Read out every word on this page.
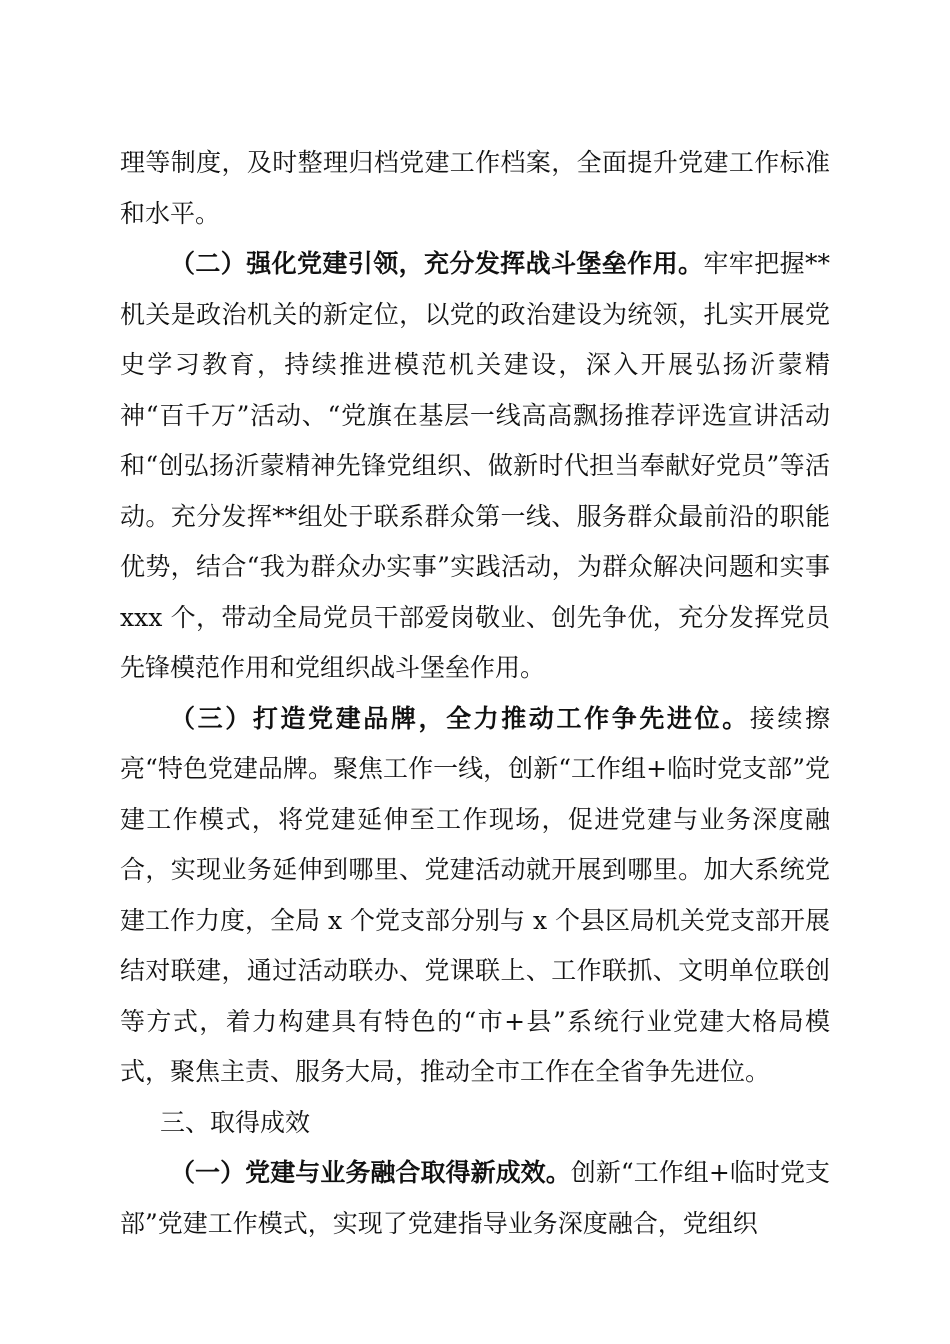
理等制度，及时整理归档党建工作档案，全面提升党建工作标准和水平。

（二）强化党建引领，充分发挥战斗堡垒作用。牢牢把握**机关是政治机关的新定位，以党的政治建设为统领，扎实开展党史学习教育，持续推进模范机关建设，深入开展弘扬沂蒙精神“百千万”活动、“党旗在基层一线高高飘扬推荐评选宣讲活动和“创弘扬沂蒙精神先锋党组织、做新时代担当奉献好党员”等活动。充分发挥**组处于联系群众第一线、服务群众最前沿的职能优势，结合“我为群众办实事”实践活动，为群众解决问题和实事 xxx 个，带动全局党员干部爱岗敬业、创先争优，充分发挥党员先锋模范作用和党组织战斗堡垒作用。

（三）打造党建品牌，全力推动工作争先进位。接续擦亮“特色党建品牌。聚焦工作一线，创新“工作组+临时党支部”党建工作模式，将党建延伸至工作现场，促进党建与业务深度融合，实现业务延伸到哪里、党建活动就开展到哪里。加大系统党建工作力度，全局 x 个党支部分别与 x 个县区局机关党支部开展结对联建，通过活动联办、党课联上、工作联抓、文明单位联创等方式，着力构建具有特色的“市+县”系统行业党建大格局模式，聚焦主责、服务大局，推动全市工作在全省争先进位。

三、取得成效

（一）党建与业务融合取得新成效。创新“工作组+临时党支部”党建工作模式，实现了党建指导业务深度融合，党组织
